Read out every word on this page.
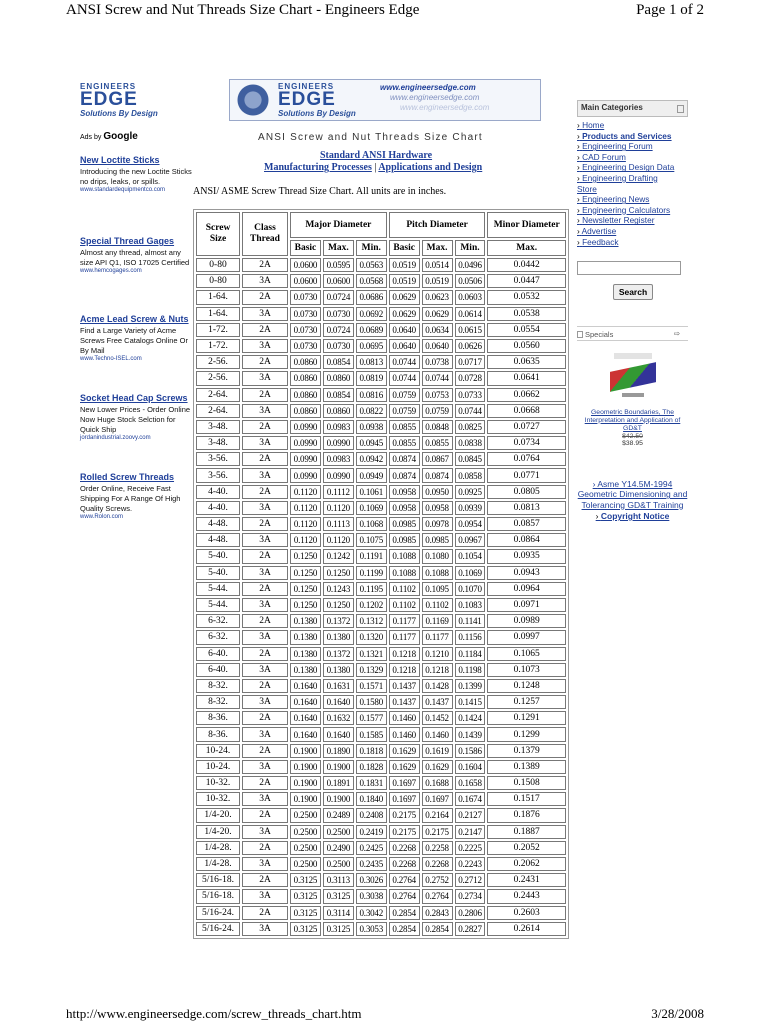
ANSI Screw and Nut Threads Size Chart - Engineers Edge	Page 1 of 2
ENGINEERS
EDGE
Solutions By Design
Ads by Google
New Loctite Sticks
Introducing the new Loctite Sticks no drips, leaks, or spills.
www.standardequipmentco.com
Special Thread Gages
Almost any thread, almost any size API Q1, ISO 17025 Certified
www.hemcogages.com
Acme Lead Screw & Nuts
Find a Large Variety of Acme Screws Free Catalogs Online Or By Mail
www.Techno-ISEL.com
Socket Head Cap Screws
New Lower Prices - Order Online Now Huge Stock Selction for Quick Ship
jordanindustrial.zoovy.com
Rolled Screw Threads
Order Online, Receive Fast Shipping For A Range Of High Quality Screws.
www.Rolon.com
ENGINEERS
EDGE
Solutions By Design
www.engineersedge.com
www.engineersedge.com
www.engineersedge.com
ANSI Screw and Nut Threads Size Chart
Standard ANSI Hardware
Manufacturing Processes | Applications and Design
ANSI/ ASME Screw Thread Size Chart. All units are in inches.
Screw Size	Class Thread	Major Diameter			Pitch Diameter			Minor Diameter
		Basic	Max.	Min.	Basic	Max.	Min.	Max.
0-80	2A	0.0600	0.0595	0.0563	0.0519	0.0514	0.0496	0.0442
0-80	3A	0.0600	0.0600	0.0568	0.0519	0.0519	0.0506	0.0447
1-64.	2A	0.0730	0.0724	0.0686	0.0629	0.0623	0.0603	0.0532
1-64.	3A	0.0730	0.0730	0.0692	0.0629	0.0629	0.0614	0.0538
1-72.	2A	0.0730	0.0724	0.0689	0.0640	0.0634	0.0615	0.0554
1-72.	3A	0.0730	0.0730	0.0695	0.0640	0.0640	0.0626	0.0560
2-56.	2A	0.0860	0.0854	0.0813	0.0744	0.0738	0.0717	0.0635
2-56.	3A	0.0860	0.0860	0.0819	0.0744	0.0744	0.0728	0.0641
2-64.	2A	0.0860	0.0854	0.0816	0.0759	0.0753	0.0733	0.0662
2-64.	3A	0.0860	0.0860	0.0822	0.0759	0.0759	0.0744	0.0668
3-48.	2A	0.0990	0.0983	0.0938	0.0855	0.0848	0.0825	0.0727
3-48.	3A	0.0990	0.0990	0.0945	0.0855	0.0855	0.0838	0.0734
3-56.	2A	0.0990	0.0983	0.0942	0.0874	0.0867	0.0845	0.0764
3-56.	3A	0.0990	0.0990	0.0949	0.0874	0.0874	0.0858	0.0771
4-40.	2A	0.1120	0.1112	0.1061	0.0958	0.0950	0.0925	0.0805
4-40.	3A	0.1120	0.1120	0.1069	0.0958	0.0958	0.0939	0.0813
4-48.	2A	0.1120	0.1113	0.1068	0.0985	0.0978	0.0954	0.0857
4-48.	3A	0.1120	0.1120	0.1075	0.0985	0.0985	0.0967	0.0864
5-40.	2A	0.1250	0.1242	0.1191	0.1088	0.1080	0.1054	0.0935
5-40.	3A	0.1250	0.1250	0.1199	0.1088	0.1088	0.1069	0.0943
5-44.	2A	0.1250	0.1243	0.1195	0.1102	0.1095	0.1070	0.0964
5-44.	3A	0.1250	0.1250	0.1202	0.1102	0.1102	0.1083	0.0971
6-32.	2A	0.1380	0.1372	0.1312	0.1177	0.1169	0.1141	0.0989
6-32.	3A	0.1380	0.1380	0.1320	0.1177	0.1177	0.1156	0.0997
6-40.	2A	0.1380	0.1372	0.1321	0.1218	0.1210	0.1184	0.1065
6-40.	3A	0.1380	0.1380	0.1329	0.1218	0.1218	0.1198	0.1073
8-32.	2A	0.1640	0.1631	0.1571	0.1437	0.1428	0.1399	0.1248
8-32.	3A	0.1640	0.1640	0.1580	0.1437	0.1437	0.1415	0.1257
8-36.	2A	0.1640	0.1632	0.1577	0.1460	0.1452	0.1424	0.1291
8-36.	3A	0.1640	0.1640	0.1585	0.1460	0.1460	0.1439	0.1299
10-24.	2A	0.1900	0.1890	0.1818	0.1629	0.1619	0.1586	0.1379
10-24.	3A	0.1900	0.1900	0.1828	0.1629	0.1629	0.1604	0.1389
10-32.	2A	0.1900	0.1891	0.1831	0.1697	0.1688	0.1658	0.1508
10-32.	3A	0.1900	0.1900	0.1840	0.1697	0.1697	0.1674	0.1517
1/4-20.	2A	0.2500	0.2489	0.2408	0.2175	0.2164	0.2127	0.1876
1/4-20.	3A	0.2500	0.2500	0.2419	0.2175	0.2175	0.2147	0.1887
1/4-28.	2A	0.2500	0.2490	0.2425	0.2268	0.2258	0.2225	0.2052
1/4-28.	3A	0.2500	0.2500	0.2435	0.2268	0.2268	0.2243	0.2062
5/16-18.	2A	0.3125	0.3113	0.3026	0.2764	0.2752	0.2712	0.2431
5/16-18.	3A	0.3125	0.3125	0.3038	0.2764	0.2764	0.2734	0.2443
5/16-24.	2A	0.3125	0.3114	0.3042	0.2854	0.2843	0.2806	0.2603
5/16-24.	3A	0.3125	0.3125	0.3053	0.2854	0.2854	0.2827	0.2614
Main Categories
› Home
› Products and Services
› Engineering Forum
› CAD Forum
› Engineering Design Data
› Engineering Drafting
Store
› Engineering News
› Engineering Calculators
› Newsletter Register
› Advertise
› Feedback
Search
Specials	⇨
Geometric Boundaries, The Interpretation and Application of GD&T
$42.50
$38.95
› Asme Y14.5M-1994 Geometric Dimensioning and Tolerancing GD&T Training
› Copyright Notice
http://www.engineersedge.com/screw_threads_chart.htm	3/28/2008
